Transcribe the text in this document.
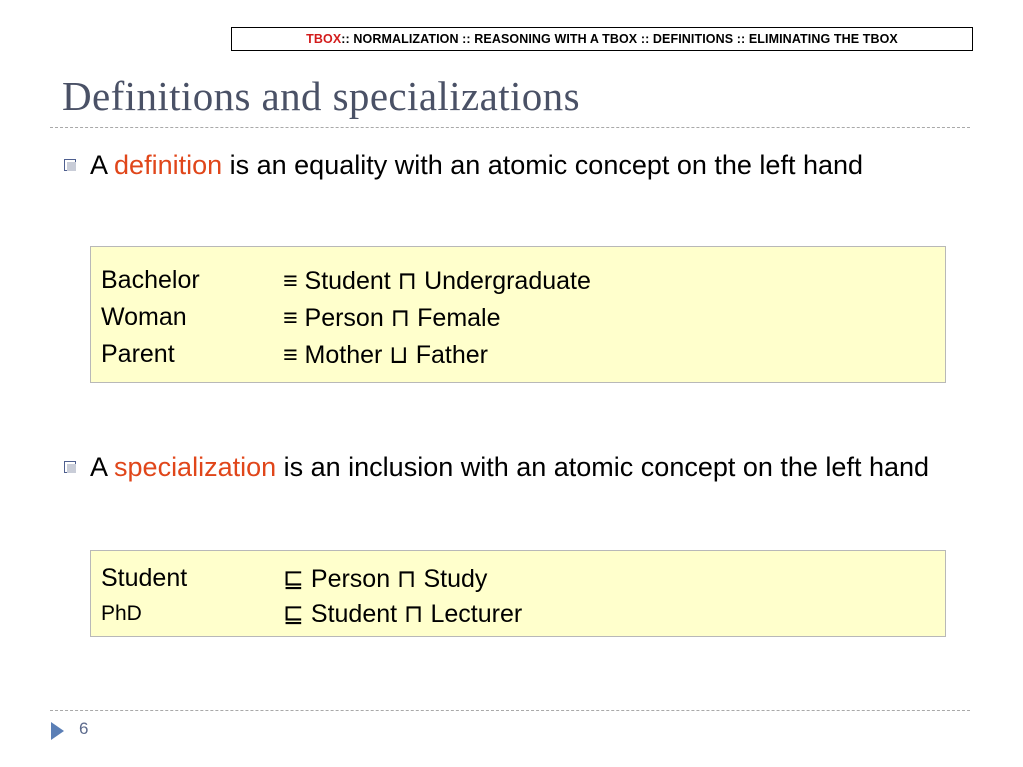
TBOX :: NORMALIZATION :: REASONING WITH A TBOX :: DEFINITIONS :: ELIMINATING THE TBOX
Definitions and specializations
A definition is an equality with an atomic concept on the left hand
Bachelor	≡ Student ⊓ Undergraduate
Woman	≡ Person ⊓ Female
Parent	≡ Mother ⊔ Father
A specialization is an inclusion with an atomic concept on the left hand
Student	⊑ Person ⊓ Study
PhD	⊑ Student ⊓ Lecturer
6
